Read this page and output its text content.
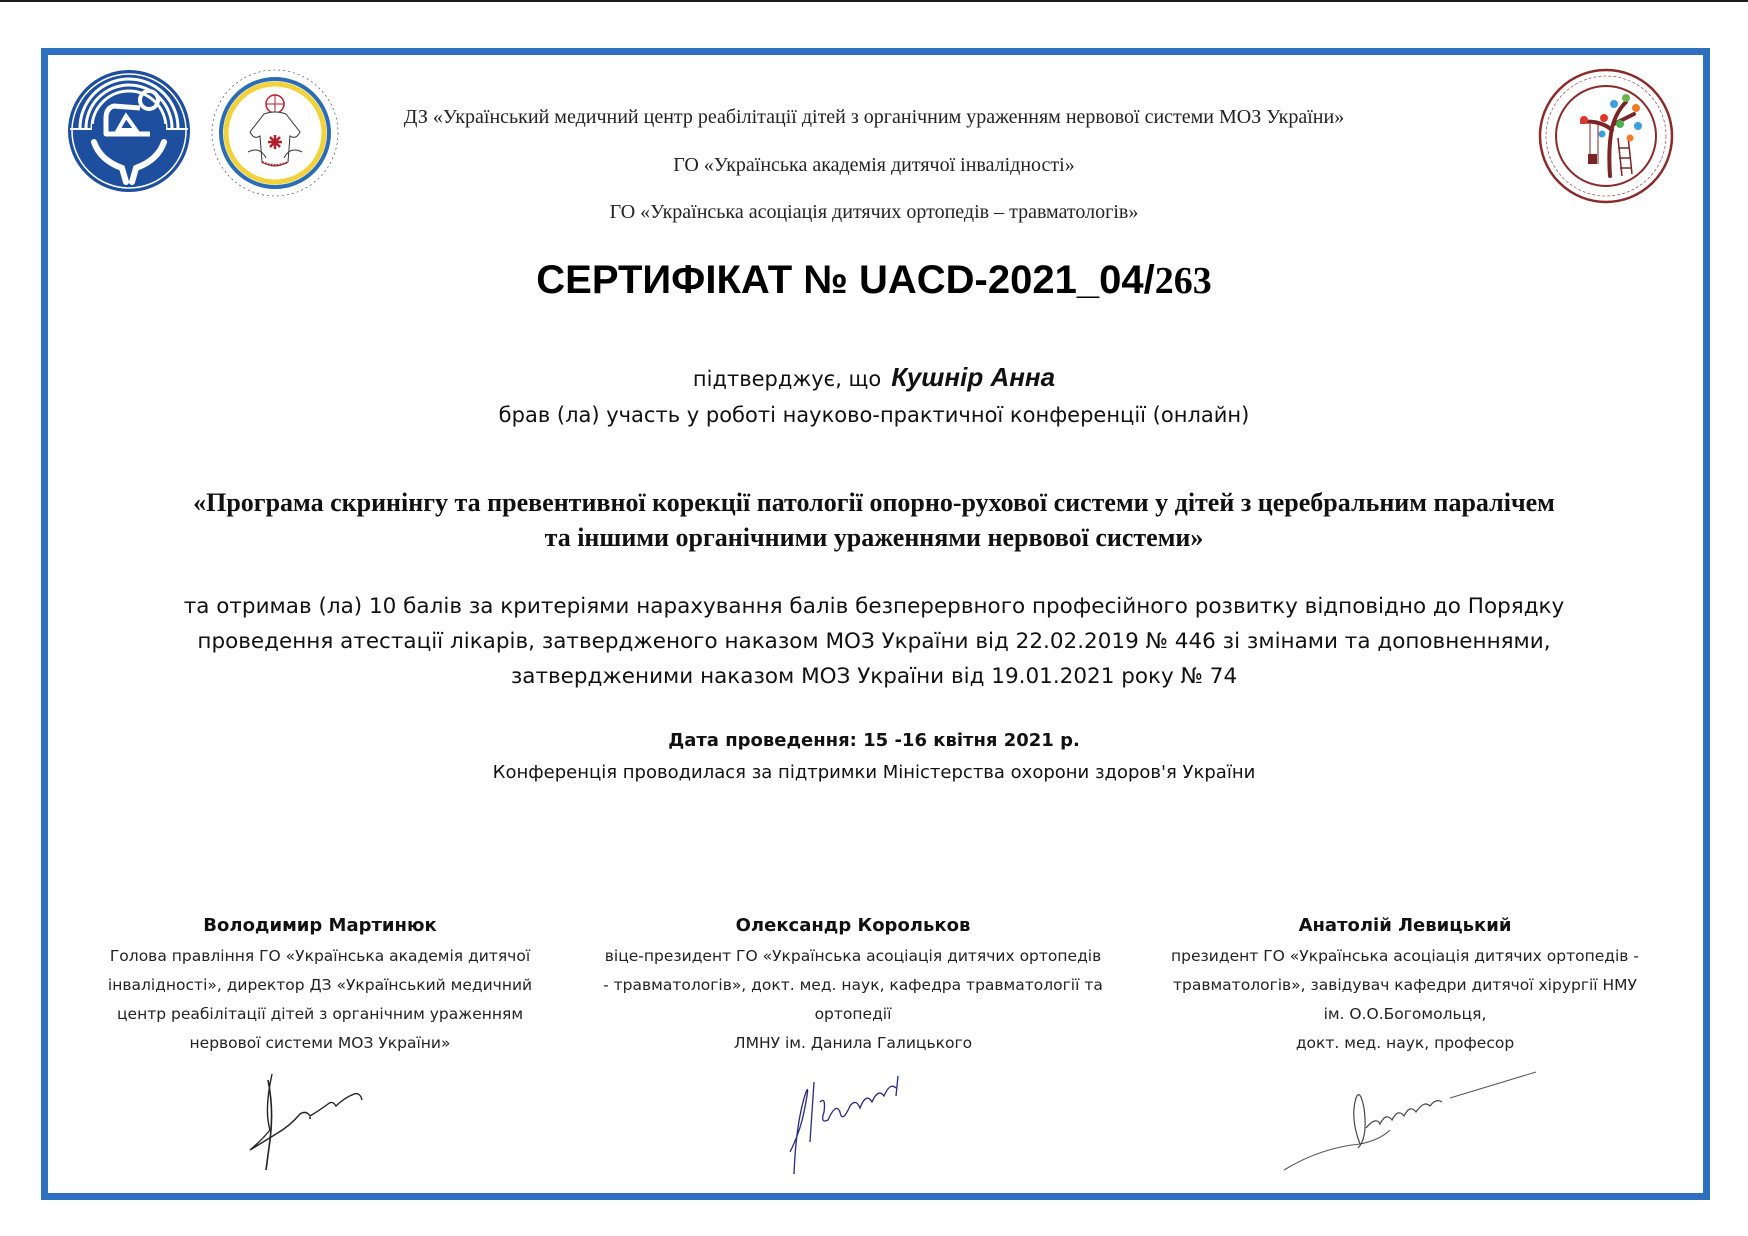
ДЗ «Український медичний центр реабілітації дітей з органічним ураженням нервової системи МОЗ України»
ГО «Українська академія дитячої інвалідності»
ГО «Українська асоціація дитячих ортопедів – травматологів»
СЕРТИФІКАТ № UACD-2021_04/263
підтверджує, що Кушнір Анна
брав (ла) участь у роботі науково-практичної конференції (онлайн)
«Програма скринінгу та превентивної корекції патології опорно-рухової системи у дітей з церебральним паралічем
та іншими органічними ураженнями нервової системи»
та отримав (ла) 10 балів за критеріями нарахування балів безперервного професійного розвитку відповідно до Порядку
проведення атестації лікарів, затвердженого наказом МОЗ України від 22.02.2019 № 446 зі змінами та доповненнями,
затвердженими наказом МОЗ України від 19.01.2021 року № 74
Дата проведення: 15 -16 квітня 2021 р.
Конференція проводилася за підтримки Міністерства охорони здоров'я України
Володимир Мартинюк
Голова правління ГО «Українська академія дитячої
інвалідності», директор ДЗ «Український медичний
центр реабілітації дітей з органічним ураженням
нервової системи МОЗ України»
Олександр Корольков
віце-президент ГО «Українська асоціація дитячих ортопедів
- травматологів», докт. мед. наук, кафедра травматології та
ортопедії
ЛМНУ ім. Данила Галицького
Анатолій Левицький
президент ГО «Українська асоціація дитячих ортопедів -
травматологів», завідувач кафедри дитячої хірургії НМУ
ім. О.О.Богомольця,
докт. мед. наук, професор
